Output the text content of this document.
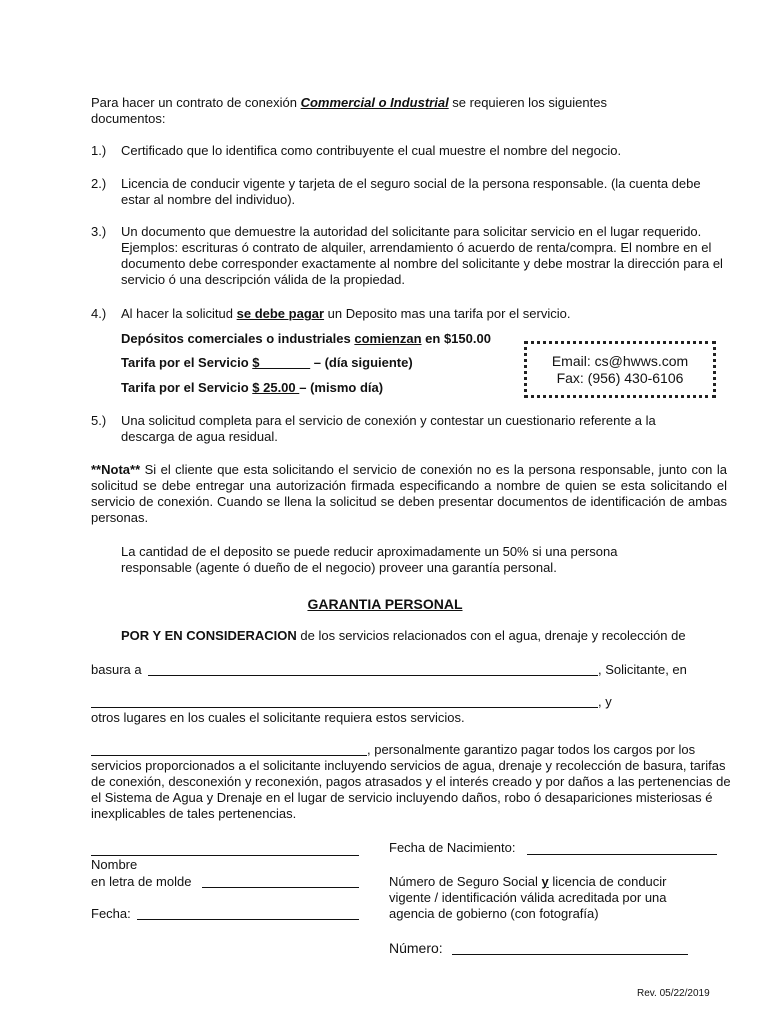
Para hacer un contrato de conexión Commercial o Industrial se requieren los siguientes documentos:
1.) Certificado que lo identifica como contribuyente el cual muestre el nombre del negocio.
2.) Licencia de conducir vigente y tarjeta de el seguro social de la persona responsable. (la cuenta debe estar al nombre del individuo).
3.) Un documento que demuestre la autoridad del solicitante para solicitar servicio en el lugar requerido. Ejemplos: escrituras ó contrato de alquiler, arrendamiento ó acuerdo de renta/compra. El nombre en el documento debe corresponder exactamente al nombre del solicitante y debe mostrar la dirección para el servicio ó una descripción válida de la propiedad.
4.) Al hacer la solicitud se debe pagar un Deposito mas una tarifa por el servicio.
Depósitos comerciales o industriales comienzan en $150.00
Tarifa por el Servicio $_______ – (día siguiente)
Tarifa por el Servicio $ 25.00 – (mismo día)
Email: cs@hwws.com
Fax: (956) 430-6106
5.) Una solicitud completa para el servicio de conexión y contestar un cuestionario referente a la descarga de agua residual.
**Nota** Si el cliente que esta solicitando el servicio de conexión no es la persona responsable, junto con la solicitud se debe entregar una autorización firmada especificando a nombre de quien se esta solicitando el servicio de conexión. Cuando se llena la solicitud se deben presentar documentos de identificación de ambas personas.
La cantidad de el deposito se puede reducir aproximadamente un 50% si una persona responsable (agente ó dueño de el negocio) proveer una garantía personal.
GARANTIA PERSONAL
POR Y EN CONSIDERACION de los servicios relacionados con el agua, drenaje y recolección de
basura a	, Solicitante, en
, y
otros lugares en los cuales el solicitante requiera estos servicios.
, personalmente garantizo pagar todos los cargos por los
servicios proporcionados a el solicitante incluyendo servicios de agua, drenaje y recolección de basura, tarifas de conexión, desconexión y reconexión, pagos atrasados y el interés creado y por daños a las pertenencias de el Sistema de Agua y Drenaje en el lugar de servicio incluyendo daños, robo ó desapariciones misteriosas é inexplicables de tales pertenencias.
Nombre
en letra de molde
Fecha:
Fecha de Nacimiento:
Número de Seguro Social y licencia de conducir vigente / identificación válida acreditada por una agencia de gobierno (con fotografía)
Número:
Rev. 05/22/2019
